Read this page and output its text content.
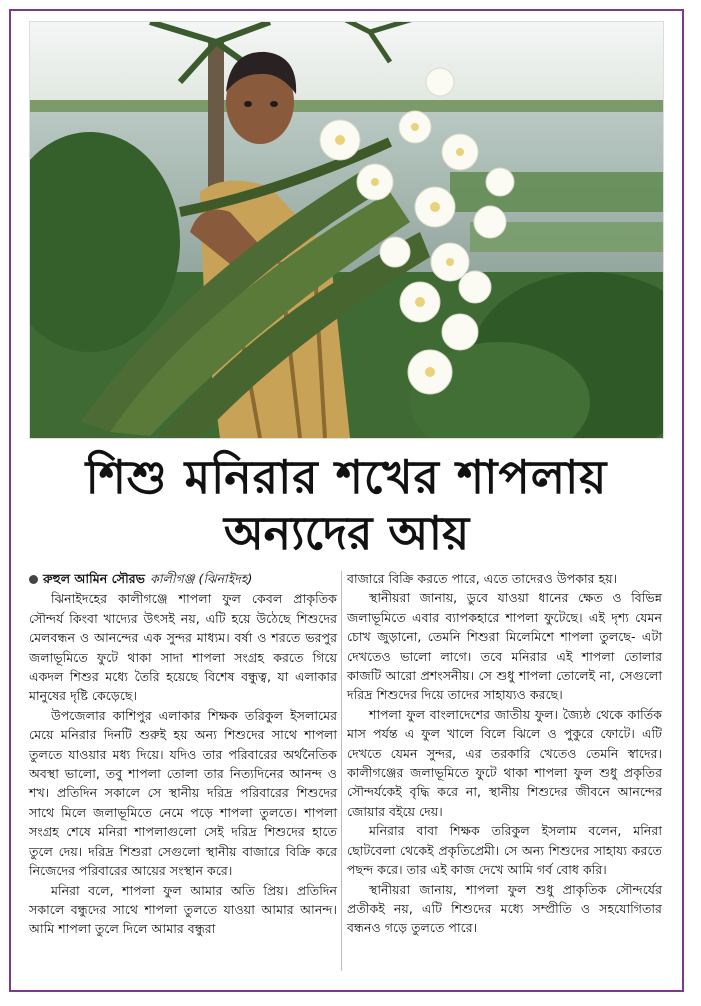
শিশু মনিরার শখের শাপলায়
অন্যদের আয়
রুহুল আমিন সৌরভ কালীগঞ্জ (ঝিনাইদহ)

ঝিনাইদহের কালীগঞ্জে শাপলা ফুল কেবল প্রাকৃতিক সৌন্দর্য কিংবা খাদ্যের উৎসই নয়, এটি হয়ে উঠেছে শিশুদের মেলবন্ধন ও আনন্দের এক সুন্দর মাধ্যম। বর্ষা ও শরতে ভরপুর জলাভূমিতে ফুটে থাকা সাদা শাপলা সংগ্রহ করতে গিয়ে একদল শিশুর মধ্যে তৈরি হয়েছে বিশেষ বন্ধুত্ব, যা এলাকার মানুষের দৃষ্টি কেড়েছে।

উপজেলার কাশিপুর এলাকার শিক্ষক তরিকুল ইসলামের মেয়ে মনিরার দিনটি শুরুই হয় অন্য শিশুদের সাথে শাপলা তুলতে যাওয়ার মধ্য দিয়ে। যদিও তার পরিবারের অর্থনৈতিক অবস্থা ভালো, তবু শাপলা তোলা তার নিত্যদিনের আনন্দ ও শখ। প্রতিদিন সকালে সে স্থানীয় দরিদ্র পরিবারের শিশুদের সাথে মিলে জলাভূমিতে নেমে পড়ে শাপলা তুলতে। শাপলা সংগ্রহ শেষে মনিরা শাপলাগুলো সেই দরিদ্র শিশুদের হাতে তুলে দেয়। দরিদ্র শিশুরা সেগুলো স্থানীয় বাজারে বিক্রি করে নিজেদের পরিবারের আয়ের সংস্থান করে।

মনিরা বলে, শাপলা ফুল আমার অতি প্রিয়। প্রতিদিন সকালে বন্ধুদের সাথে শাপলা তুলতে যাওয়া আমার আনন্দ। আমি শাপলা তুলে দিলে আমার বন্ধুরা

বাজারে বিক্রি করতে পারে, এতে তাদেরও উপকার হয়।

স্থানীয়রা জানায়, ডুবে যাওয়া ধানের ক্ষেত ও বিভিন্ন জলাভূমিতে এবার ব্যাপকহারে শাপলা ফুটেছে। এই দৃশ্য যেমন চোখ জুড়ানো, তেমনি শিশুরা মিলেমিশে শাপলা তুলছে- এটা দেখতেও ভালো লাগে। তবে মনিরার এই শাপলা তোলার কাজটি আরো প্রশংসনীয়। সে শুধু শাপলা তোলেই না, সেগুলো দরিদ্র শিশুদের দিয়ে তাদের সাহায্যও করছে।

শাপলা ফুল বাংলাদেশের জাতীয় ফুল। জ্যৈষ্ঠ থেকে কার্তিক মাস পর্যন্ত এ ফুল খালে বিলে ঝিলে ও পুকুরে ফোটে। এটি দেখতে যেমন সুন্দর, এর তরকারি খেতেও তেমনি স্বাদের। কালীগঞ্জের জলাভূমিতে ফুটে থাকা শাপলা ফুল শুধু প্রকৃতির সৌন্দর্যকেই বৃদ্ধি করে না, স্থানীয় শিশুদের জীবনে আনন্দের জোয়ার বইয়ে দেয়।

মনিরার বাবা শিক্ষক তরিকুল ইসলাম বলেন, মনিরা ছোটবেলা থেকেই প্রকৃতিপ্রেমী। সে অন্য শিশুদের সাহায্য করতে পছন্দ করে। তার এই কাজ দেখে আমি গর্ব বোধ করি।

স্থানীয়রা জানায়, শাপলা ফুল শুধু প্রাকৃতিক সৌন্দর্যের প্রতীকই নয়, এটি শিশুদের মধ্যে সম্প্রীতি ও সহযোগিতার বন্ধনও গড়ে তুলতে পারে।
